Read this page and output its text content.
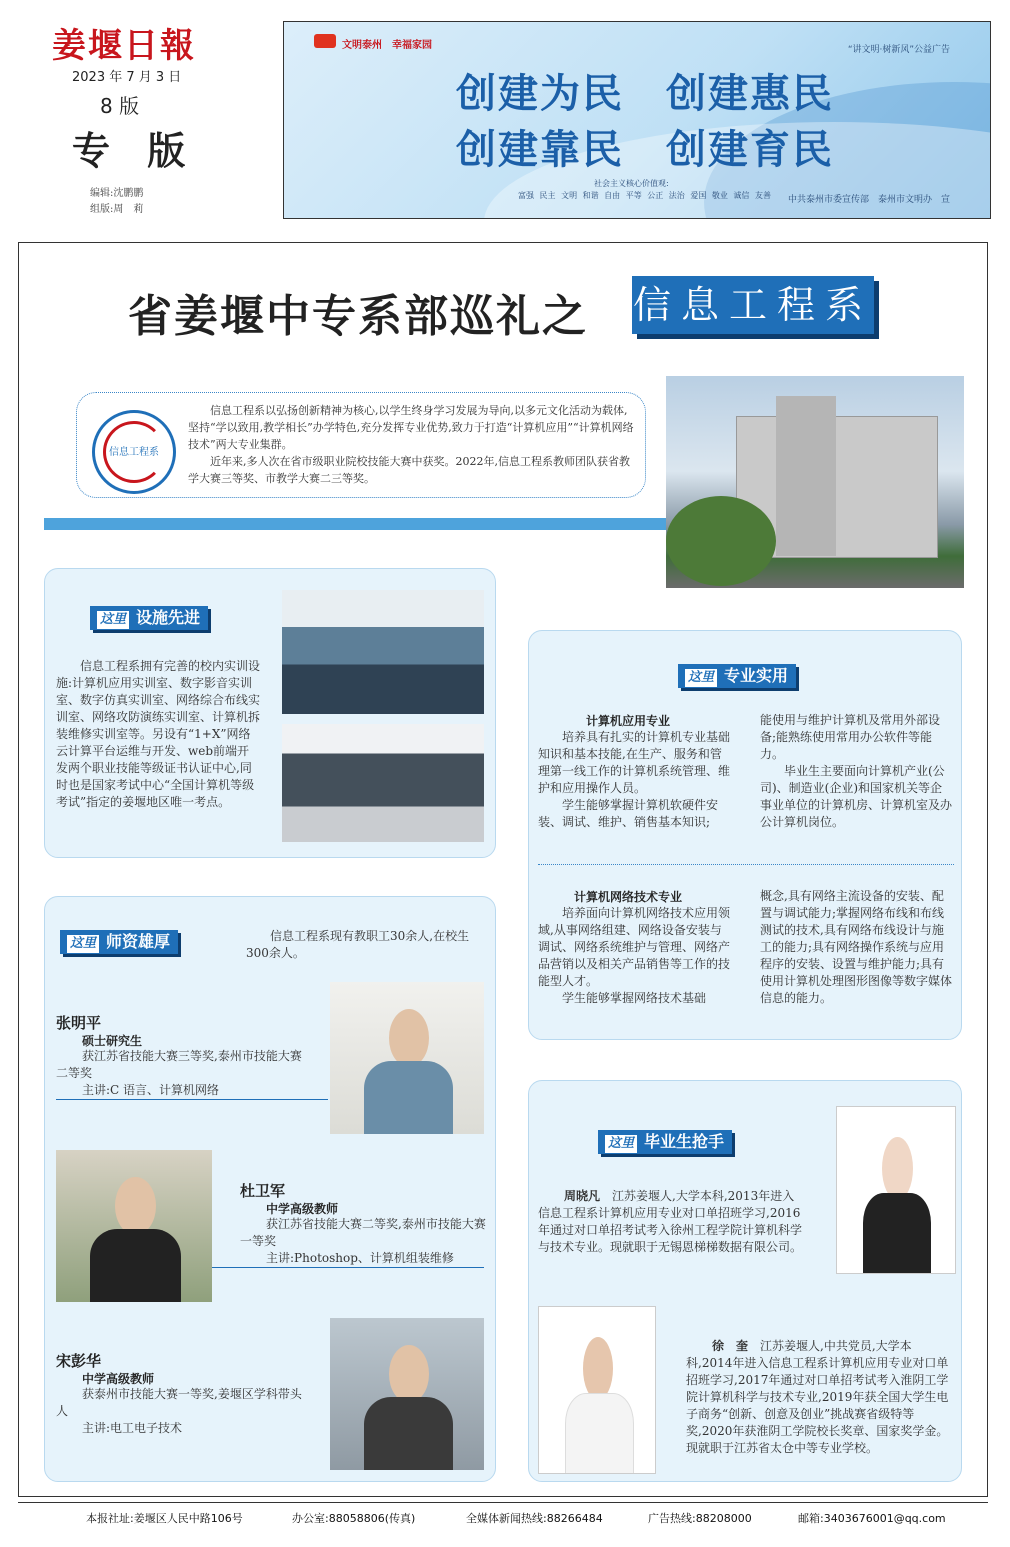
姜堰日報
2023 年 7 月 3 日
8 版
专 版
编辑:沈鹏鹏
组版:周　莉
文明泰州　幸福家园	“讲文明·树新风”公益广告
创建为民　创建惠民
创建靠民　创建育民
社会主义核心价值观:
富强 民主 文明 和谐 自由 平等 公正 法治 爱国 敬业 诚信 友善 中共泰州市委宣传部　泰州市文明办　宣
省姜堰中专系部巡礼之 信息工程系
信息工程系
信息工程系以弘扬创新精神为核心,以学生终身学习发展为导向,以多元文化活动为载体,坚持“学以致用,教学相长”办学特色,充分发挥专业优势,致力于打造“计算机应用”“计算机网络技术”两大专业集群。
近年来,多人次在省市级职业院校技能大赛中获奖。2022年,信息工程系教师团队获省教学大赛三等奖、市教学大赛二三等奖。
这里 设施先进
信息工程系拥有完善的校内实训设施:计算机应用实训室、数字影音实训室、数字仿真实训室、网络综合布线实训室、网络攻防演练实训室、计算机拆装维修实训室等。另设有“1+X”网络云计算平台运维与开发、web前端开发两个职业技能等级证书认证中心,同时也是国家考试中心“全国计算机等级考试”指定的姜堰地区唯一考点。
这里 专业实用
计算机应用专业
培养具有扎实的计算机专业基础知识和基本技能,在生产、服务和管理第一线工作的计算机系统管理、维护和应用操作人员。
学生能够掌握计算机软硬件安装、调试、维护、销售基本知识;
能使用与维护计算机及常用外部设备;能熟练使用常用办公软件等能力。
毕业生主要面向计算机产业(公司)、制造业(企业)和国家机关等企事业单位的计算机房、计算机室及办公计算机岗位。
计算机网络技术专业
培养面向计算机网络技术应用领域,从事网络组建、网络设备安装与调试、网络系统维护与管理、网络产品营销以及相关产品销售等工作的技能型人才。
学生能够掌握网络技术基础
概念,具有网络主流设备的安装、配置与调试能力;掌握网络布线和布线测试的技术,具有网络布线设计与施工的能力;具有网络操作系统与应用程序的安装、设置与维护能力;具有使用计算机处理图形图像等数字媒体信息的能力。
这里 师资雄厚	信息工程系现有教职工30余人,在校生300余人。
张明平
硕士研究生
获江苏省技能大赛三等奖,泰州市技能大赛二等奖
主讲:C 语言、计算机网络
杜卫军
中学高级教师
获江苏省技能大赛二等奖,泰州市技能大赛一等奖
主讲:Photoshop、计算机组装维修
宋彭华
中学高级教师
获泰州市技能大赛一等奖,姜堰区学科带头人
主讲:电工电子技术
这里 毕业生抢手
周晓凡　 江苏姜堰人,大学本科,2013年进入信息工程系计算机应用专业对口单招班学习,2016年通过对口单招考试考入徐州工程学院计算机科学与技术专业。现就职于无锡恩梯梯数据有限公司。
徐　奎　 江苏姜堰人,中共党员,大学本科,2014年进入信息工程系计算机应用专业对口单招班学习,2017年通过对口单招考试考入淮阴工学院计算机科学与技术专业,2019年获全国大学生电子商务“创新、创意及创业”挑战赛省级特等奖,2020年获淮阴工学院校长奖章、国家奖学金。现就职于江苏省太仓中等专业学校。
本报社址:姜堰区人民中路106号	办公室:88058806(传真)	全媒体新闻热线:88266484	广告热线:88208000	邮箱:3403676001@qq.com
